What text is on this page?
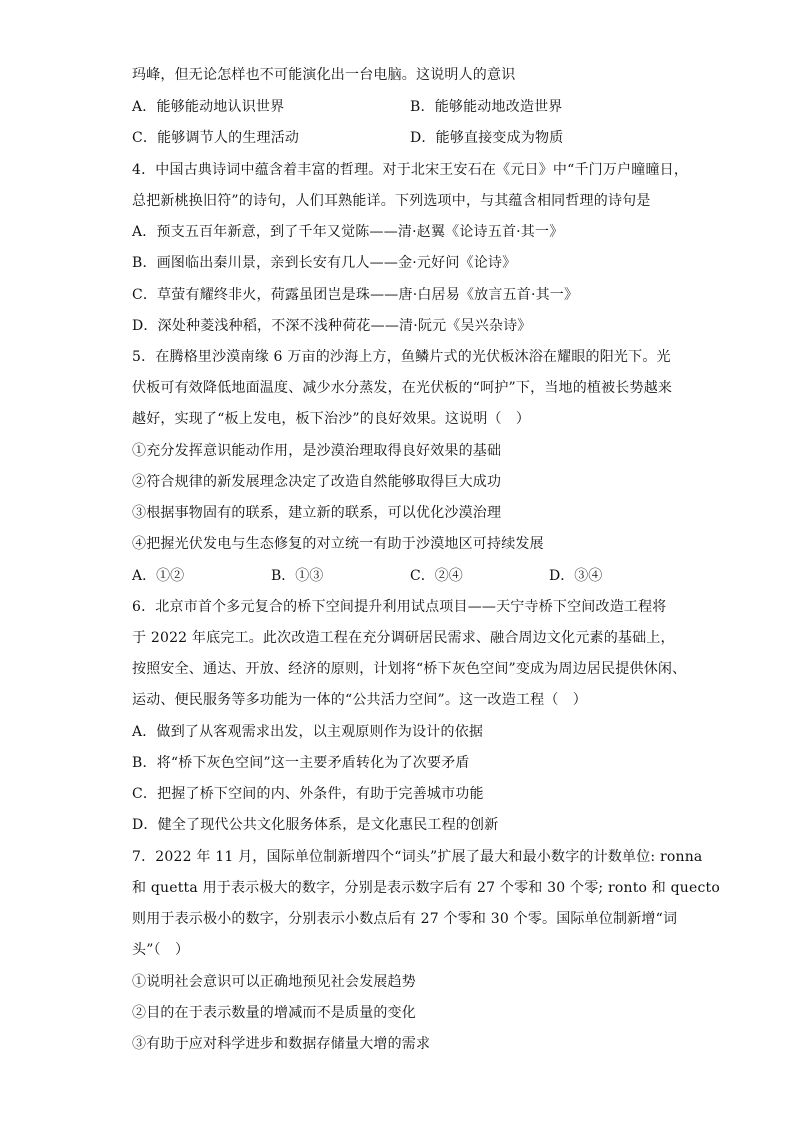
玛峰，但无论怎样也不可能演化出一台电脑。这说明人的意识
A．能够能动地认识世界	B．能够能动地改造世界
C．能够调节人的生理活动	D．能够直接变成为物质
4．中国古典诗词中蕴含着丰富的哲理。对于北宋王安石在《元日》中“千门万户曈曈日，
总把新桃换旧符”的诗句，人们耳熟能详。下列选项中，与其蕴含相同哲理的诗句是
A．预支五百年新意，到了千年又觉陈——清·赵翼《论诗五首·其一》
B．画图临出秦川景，亲到长安有几人——金·元好问《论诗》
C．草萤有耀终非火，荷露虽团岂是珠——唐·白居易《放言五首·其一》
D．深处种菱浅种稻，不深不浅种荷花——清·阮元《吴兴杂诗》
5．在腾格里沙漠南缘 6 万亩的沙海上方，鱼鳞片式的光伏板沐浴在耀眼的阳光下。光
伏板可有效降低地面温度、减少水分蒸发，在光伏板的“呵护”下，当地的植被长势越来
越好，实现了“板上发电，板下治沙”的良好效果。这说明（　）
①充分发挥意识能动作用，是沙漠治理取得良好效果的基础
②符合规律的新发展理念决定了改造自然能够取得巨大成功
③根据事物固有的联系，建立新的联系，可以优化沙漠治理
④把握光伏发电与生态修复的对立统一有助于沙漠地区可持续发展
A．①②	B．①③	C．②④	D．③④
6．北京市首个多元复合的桥下空间提升利用试点项目——天宁寺桥下空间改造工程将
于 2022 年底完工。此次改造工程在充分调研居民需求、融合周边文化元素的基础上，
按照安全、通达、开放、经济的原则，计划将“桥下灰色空间”变成为周边居民提供休闲、
运动、便民服务等多功能为一体的“公共活力空间”。这一改造工程（　）
A．做到了从客观需求出发，以主观原则作为设计的依据
B．将“桥下灰色空间”这一主要矛盾转化为了次要矛盾
C．把握了桥下空间的内、外条件，有助于完善城市功能
D．健全了现代公共文化服务体系，是文化惠民工程的创新
7．2022 年 11 月，国际单位制新增四个“词头”扩展了最大和最小数字的计数单位: ronna
和 quetta 用于表示极大的数字，分别是表示数字后有 27 个零和 30 个零; ronto 和 quecto
则用于表示极小的数字，分别表示小数点后有 27 个零和 30 个零。国际单位制新增“词
头”（　）
①说明社会意识可以正确地预见社会发展趋势
②目的在于表示数量的增减而不是质量的变化
③有助于应对科学进步和数据存储量大增的需求
